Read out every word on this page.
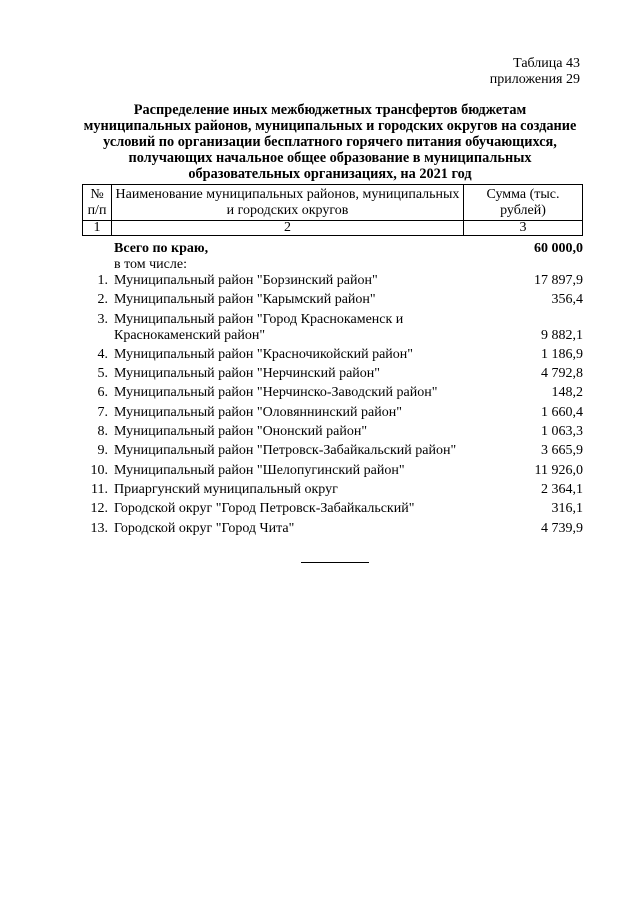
Таблица 43
приложения 29
Распределение иных межбюджетных трансфертов бюджетам муниципальных районов, муниципальных и городских округов на создание условий по организации бесплатного горячего питания обучающихся, получающих начальное общее образование в муниципальных образовательных организациях, на 2021 год
№ п/п	Наименование муниципальных районов, муниципальных и городских округов	Сумма (тыс. рублей)
1	2	3
Всего по краю,	60 000,0
в том числе:
1. Муниципальный район "Борзинский район"	17 897,9
2. Муниципальный район "Карымский район"	356,4
3. Муниципальный район "Город Краснокаменск и Краснокаменский район"	9 882,1
4. Муниципальный район "Красночикойский район"	1 186,9
5. Муниципальный район "Нерчинский район"	4 792,8
6. Муниципальный район "Нерчинско-Заводский район"	148,2
7. Муниципальный район "Оловяннинский район"	1 660,4
8. Муниципальный район "Ононский район"	1 063,3
9. Муниципальный район "Петровск-Забайкальский район"	3 665,9
10. Муниципальный район "Шелопугинский район"	11 926,0
11. Приаргунский муниципальный округ	2 364,1
12. Городской округ "Город Петровск-Забайкальский"	316,1
13. Городской округ "Город Чита"	4 739,9
